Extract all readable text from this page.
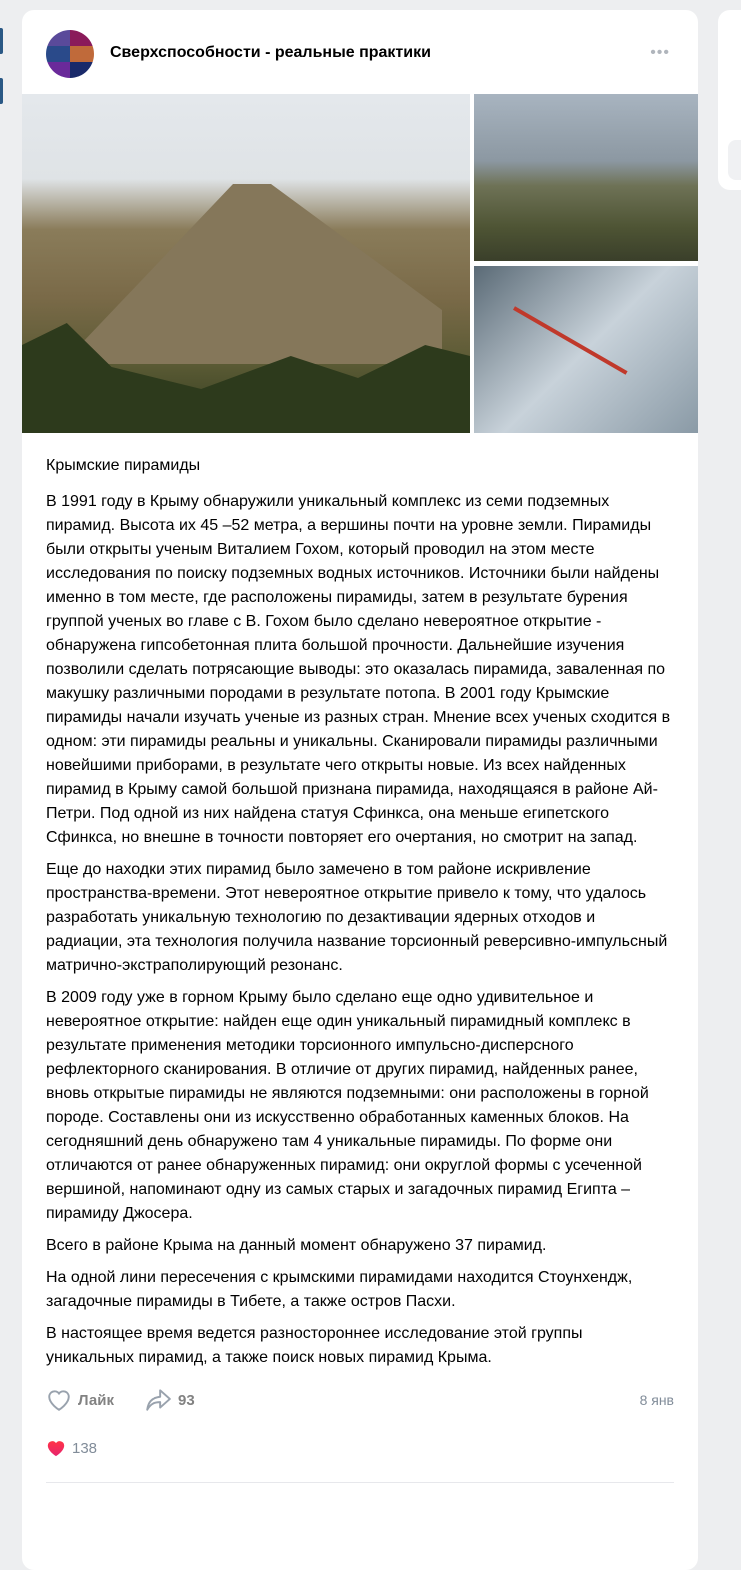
Сверхспособности - реальные практики	•••

Крымские пирамиды

В 1991 году в Крыму обнаружили уникальный комплекс из семи подземных пирамид. Высота их 45 –52 метра, а вершины почти на уровне земли. Пирамиды были открыты ученым Виталием Гохом, который проводил на этом месте исследования по поиску подземных водных источников. Источники были найдены именно в том месте, где расположены пирамиды, затем в результате бурения группой ученых во главе с В. Гохом было сделано невероятное открытие - обнаружена гипсобетонная плита большой прочности. Дальнейшие изучения позволили сделать потрясающие выводы: это оказалась пирамида, заваленная по макушку различными породами в результате потопа. В 2001 году Крымские пирамиды начали изучать ученые из разных стран. Мнение всех ученых сходится в одном: эти пирамиды реальны и уникальны. Сканировали пирамиды различными новейшими приборами, в результате чего открыты новые. Из всех найденных пирамид в Крыму самой большой признана пирамида, находящаяся в районе Ай-Петри. Под одной из них найдена статуя Сфинкса, она меньше египетского Сфинкса, но внешне в точности повторяет его очертания, но смотрит на запад.

Еще до находки этих пирамид было замечено в том районе искривление пространства-времени. Этот невероятное открытие привело к тому, что удалось разработать уникальную технологию по дезактивации ядерных отходов и радиации, эта технология получила название торсионный реверсивно-импульсный матрично-экстраполирующий резонанс.

В 2009 году уже в горном Крыму было сделано еще одно удивительное и невероятное открытие: найден еще один уникальный пирамидный комплекс в результате применения методики торсионного импульсно-дисперсного рефлекторного сканирования. В отличие от других пирамид, найденных ранее, вновь открытые пирамиды не являются подземными: они расположены в горной породе. Составлены они из искусственно обработанных каменных блоков. На сегодняшний день обнаружено там 4 уникальные пирамиды. По форме они отличаются от ранее обнаруженных пирамид: они округлой формы с усеченной вершиной, напоминают одну из самых старых и загадочных пирамид Египта – пирамиду Джосера.

Всего в районе Крыма на данный момент обнаружено 37 пирамид.

На одной лини пересечения с крымскими пирамидами находится Стоунхендж, загадочные пирамиды в Тибете, а также остров Пасхи.

В настоящее время ведется разностороннее исследование этой группы уникальных пирамид, а также поиск новых пирамид Крыма.

Лайк	93	8 янв
138
